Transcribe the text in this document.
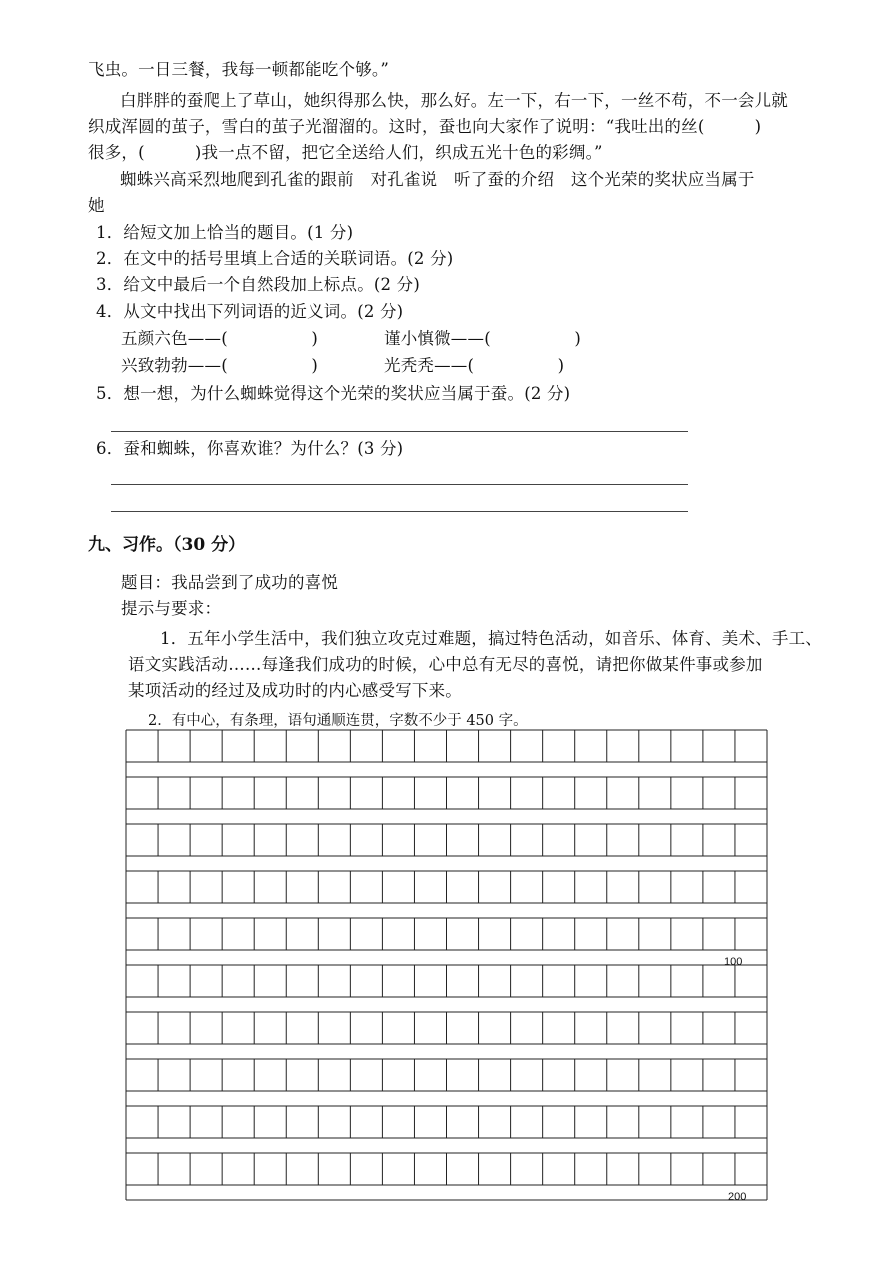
飞虫。一日三餐，我每一顿都能吃个够。”
白胖胖的蚕爬上了草山，她织得那么快，那么好。左一下，右一下，一丝不苟，不一会儿就
织成浑圆的茧子，雪白的茧子光溜溜的。这时，蚕也向大家作了说明：“我吐出的丝(　　　)
很多，(　　　)我一点不留，把它全送给人们，织成五光十色的彩绸。”
蜘蛛兴高采烈地爬到孔雀的跟前　对孔雀说　听了蚕的介绍　这个光荣的奖状应当属于
她
1．给短文加上恰当的题目。(1 分)
2．在文中的括号里填上合适的关联词语。(2 分)
3．给文中最后一个自然段加上标点。(2 分)
4．从文中找出下列词语的近义词。(2 分)
五颜六色——(　　　　　)	谨小慎微——(　　　　　)
兴致勃勃——(　　　　　)	光秃秃——(　　　　　)
5．想一想，为什么蜘蛛觉得这个光荣的奖状应当属于蚕。(2 分)
6．蚕和蜘蛛，你喜欢谁？为什么？(3 分)
九、习作。（30 分）
题目：我品尝到了成功的喜悦
提示与要求：
1．五年小学生活中，我们独立攻克过难题，搞过特色活动，如音乐、体育、美术、手工、
语文实践活动……每逢我们成功的时候，心中总有无尽的喜悦，请把你做某件事或参加
某项活动的经过及成功时的内心感受写下来。
2．有中心，有条理，语句通顺连贯，字数不少于 450 字。
100
200
